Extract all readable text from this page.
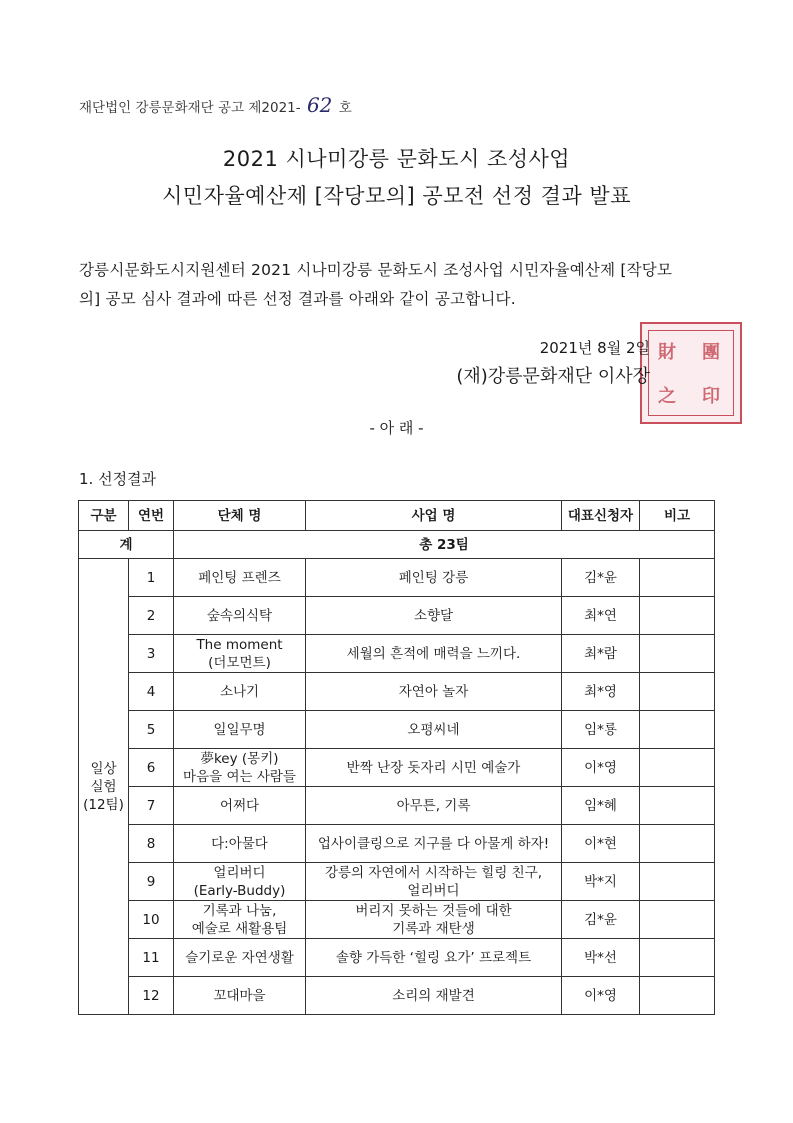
재단법인 강릉문화재단 공고 제2021- 62 호
2021 시나미강릉 문화도시 조성사업
시민자율예산제 [작당모의] 공모전 선정 결과 발표
강릉시문화도시지원센터 2021 시나미강릉 문화도시 조성사업 시민자율예산제 [작당모
의] 공모 심사 결과에 따른 선정 결과를 아래와 같이 공고합니다.
財 團
之 印
2021년 8월 2일
(재)강릉문화재단 이사장
- 아 래 -
1. 선정결과
구분	연번	단체 명	사업 명	대표신청자	비고
계		총 23팀			

일상
실험
(12팀)	1	페인팅 프렌즈	페인팅 강릉	김*윤	
	2	숲속의식탁	소향달	최*연	
	3	The moment
(더모먼트)	세월의 흔적에 매력을 느끼다.	최*람	
	4	소나기	자연아 놀자	최*영	
	5	일일무명	오평씨네	임*룡	
	6	夢key (몽키)
마음을 여는 사람들	반짝 난장 돗자리 시민 예술가	이*영	
	7	어쩌다	아무튼, 기록	임*혜	
	8	다:아물다	업사이클링으로 지구를 다 아물게 하자!	이*현	
	9	얼리버디
(Early-Buddy)	강릉의 자연에서 시작하는 힐링 친구,
얼리버디	박*지	
	10	기록과 나눔,
예술로 새활용팀	버리지 못하는 것들에 대한
기록과 재탄생	김*윤	
	11	슬기로운 자연생활	솔향 가득한 ‘힐링 요가’ 프로젝트	박*선	
	12	꼬대마을	소리의 재발견	이*영	
